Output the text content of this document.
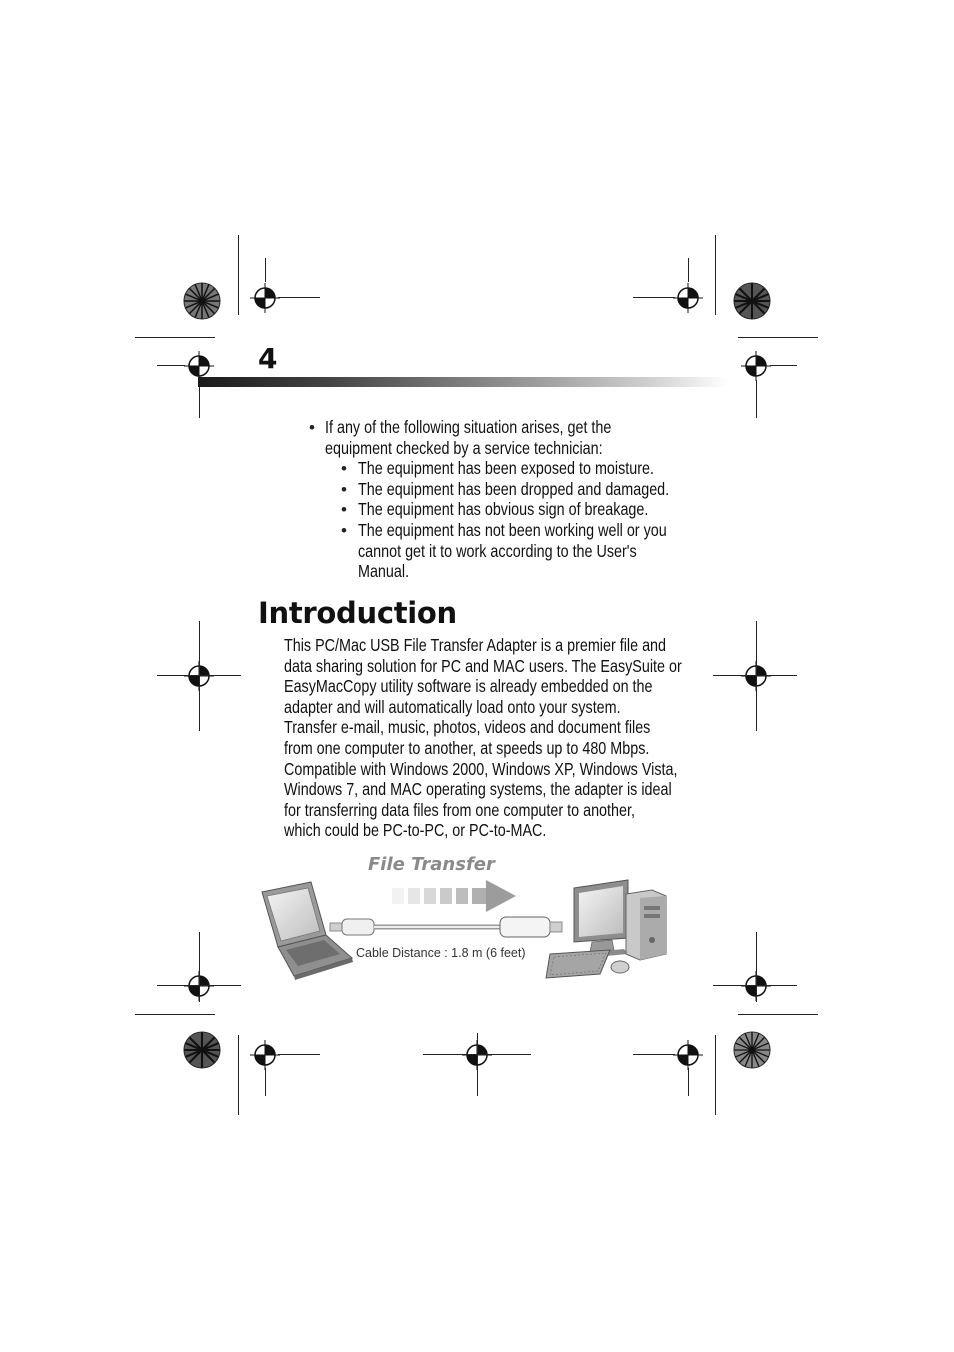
4
• If any of the following situation arises, get the
equipment checked by a service technician:
• The equipment has been exposed to moisture.
• The equipment has been dropped and damaged.
• The equipment has obvious sign of breakage.
• The equipment has not been working well or you
cannot get it to work according to the User's
Manual.
Introduction
This PC/Mac USB File Transfer Adapter is a premier file and
data sharing solution for PC and MAC users. The EasySuite or
EasyMacCopy utility software is already embedded on the
adapter and will automatically load onto your system.
Transfer e-mail, music, photos, videos and document files
from one computer to another, at speeds up to 480 Mbps.
Compatible with Windows 2000, Windows XP, Windows Vista,
Windows 7, and MAC operating systems, the adapter is ideal
for transferring data files from one computer to another,
which could be PC-to-PC, or PC-to-MAC.
File Transfer
Cable Distance : 1.8 m (6 feet)
